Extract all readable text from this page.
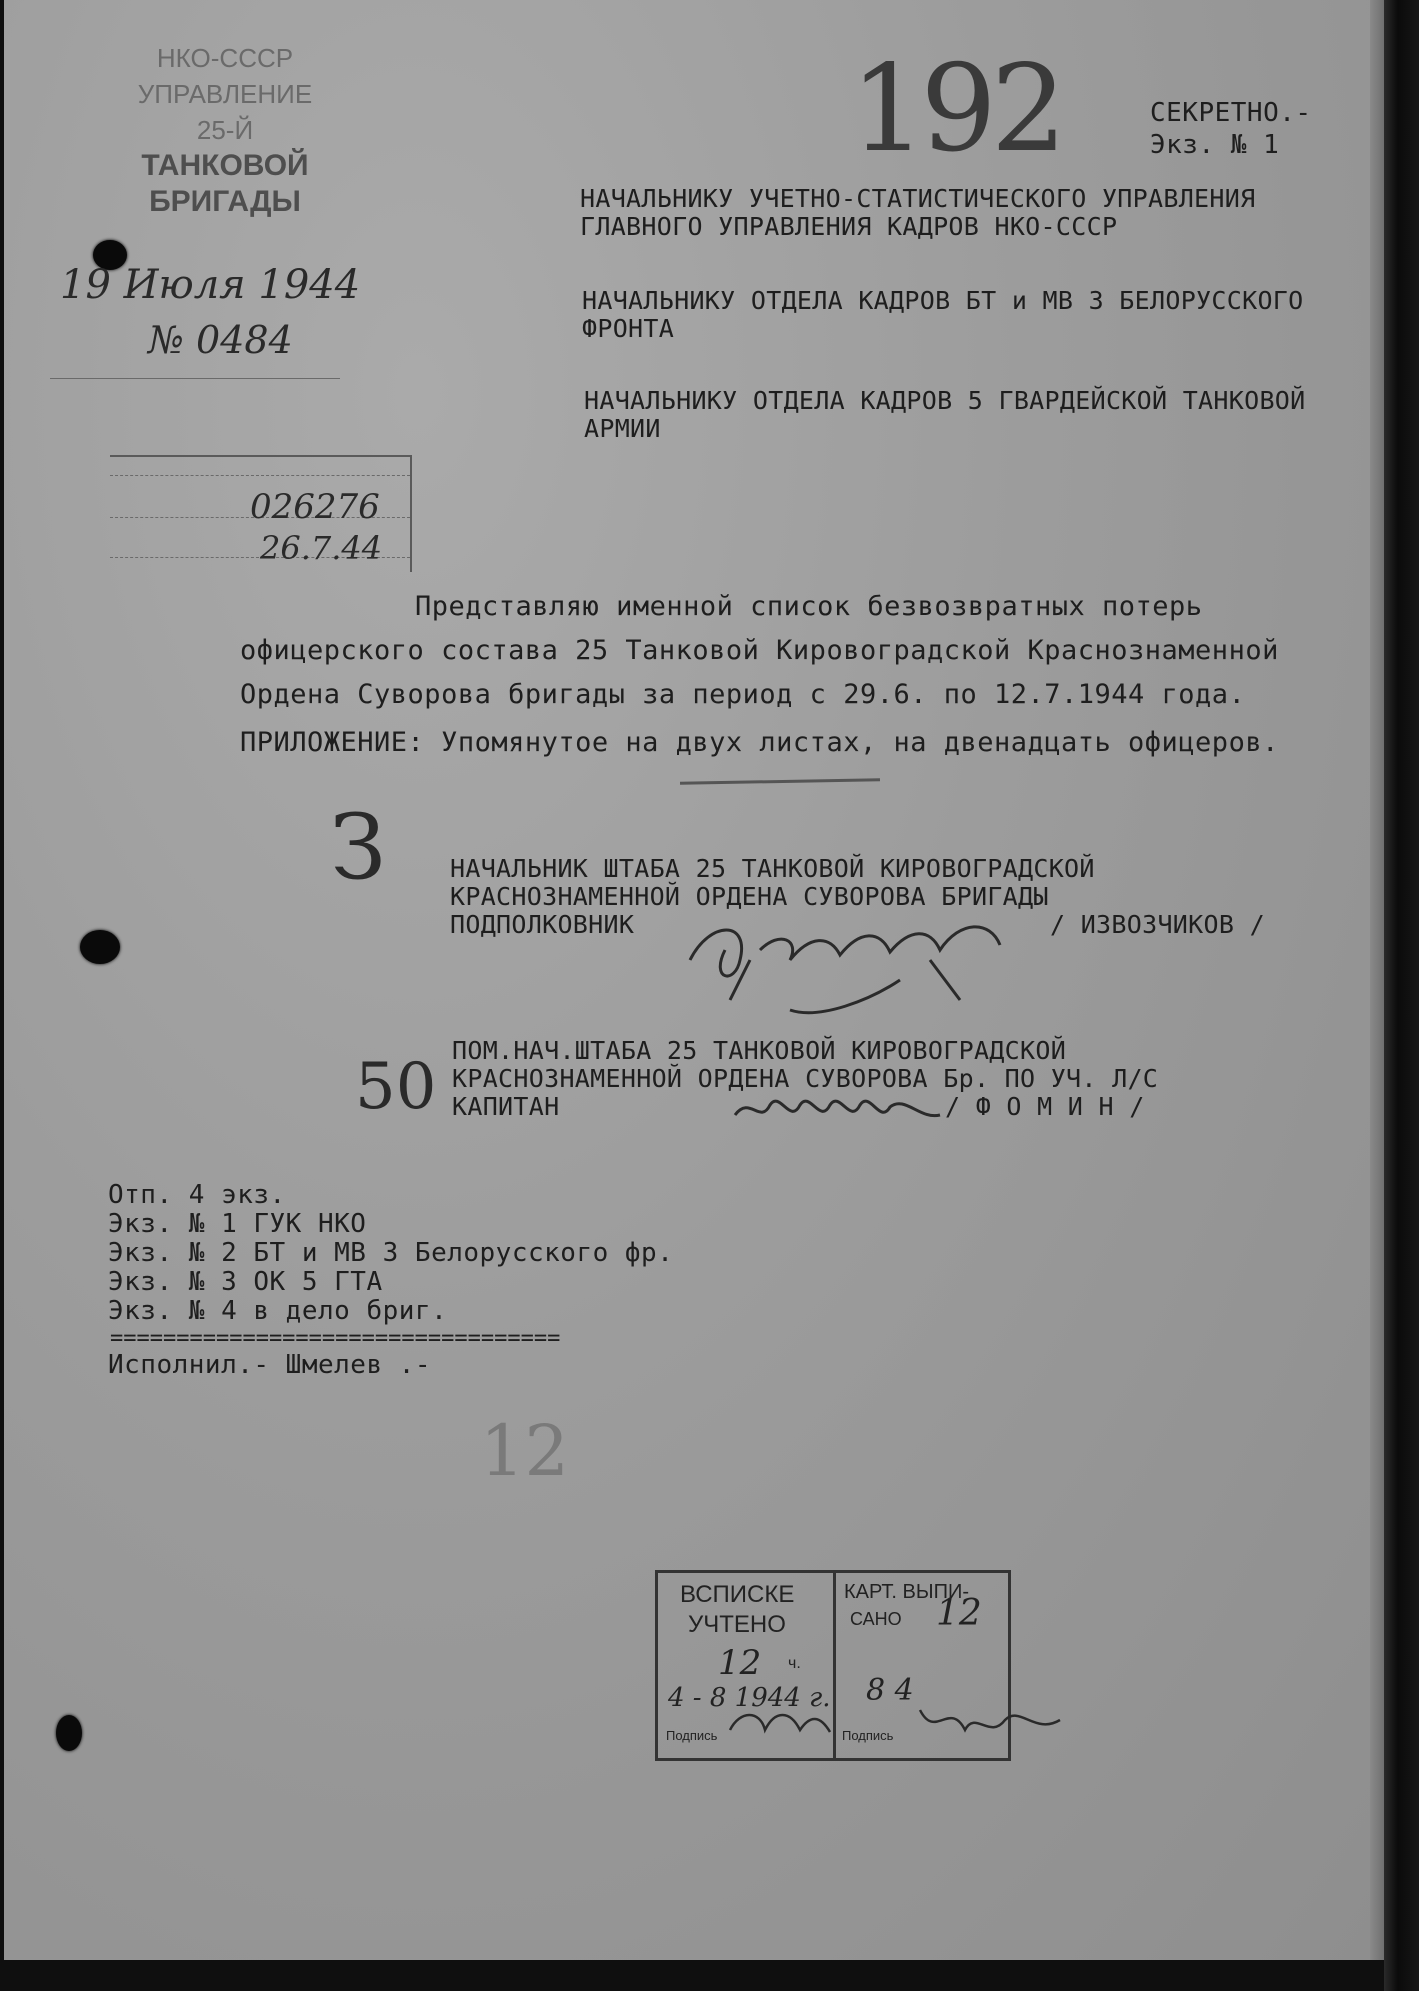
НКО-СССР
УПРАВЛЕНИЕ
25-Й
ТАНКОВОЙ БРИГАДЫ
19 Июля 1944
№ 0484
026276
26.7.44
192	СЕКРЕТНО.-
Экз. № 1
НАЧАЛЬНИКУ УЧЕТНО-СТАТИСТИЧЕСКОГО УПРАВЛЕНИЯ ГЛАВНОГО УПРАВЛЕНИЯ КАДРОВ НКО-СССР
НАЧАЛЬНИКУ ОТДЕЛА КАДРОВ БТ и МВ 3 БЕЛОРУССКОГО ФРОНТА
НАЧАЛЬНИКУ ОТДЕЛА КАДРОВ 5 ГВАРДЕЙСКОЙ ТАНКОВОЙ АРМИИ
Представляю именной список безвозвратных потерь офицерского состава 25 Танковой Кировоградской Краснознаменной Ордена Суворова бригады за период с 29.6. по 12.7.1944 года.
ПРИЛОЖЕНИЕ: Упомянутое на двух листах, на двенадцать офицеров.
З	НАЧАЛЬНИК ШТАБА 25 ТАНКОВОЙ КИРОВОГРАДСКОЙ КРАСНОЗНАМЕННОЙ ОРДЕНА СУВОРОВА БРИГАДЫ
ПОДПОЛКОВНИК	/ ИЗВОЗЧИКОВ /
50 ПОМ.НАЧ.ШТАБА 25 ТАНКОВОЙ КИРОВОГРАДСКОЙ КРАСНОЗНАМЕННОЙ ОРДЕНА СУВОРОВА Бр. ПО УЧ. Л/С
КАПИТАН	/ Ф О М И Н /
Отп. 4 экз.
Экз. № 1 ГУК НКО
Экз. № 2 БТ и МВ 3 Белорусского фр.
Экз. № 3 ОК 5 ГТА
Экз. № 4 в дело бриг.
==================================
Исполнил.- Шмелев .-
12
ВСПИСКЕ
УЧТЕНО
12 ч.
4 - 8 1944 г.
Подпись
КАРТ. ВЫПИ-
САНО 12
8 4
Подпись
